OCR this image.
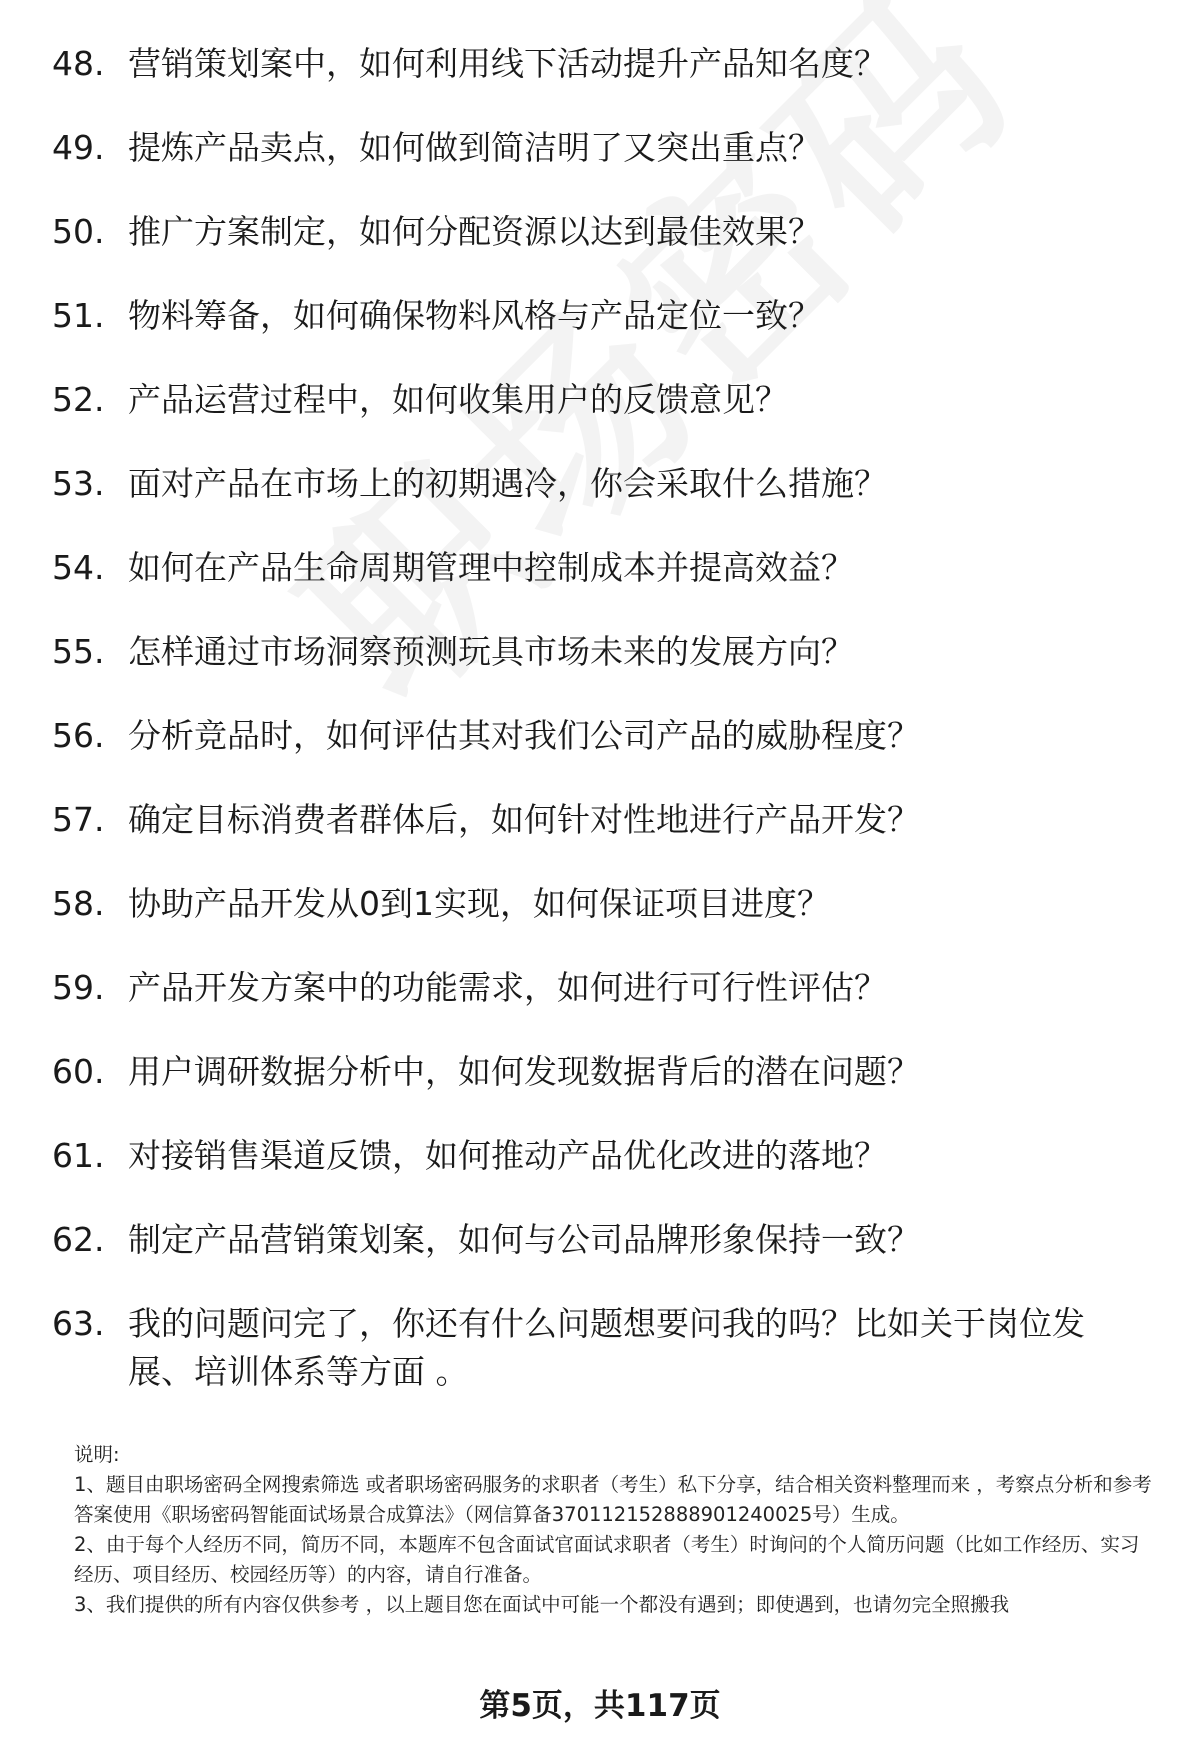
48. 营销策划案中，如何利用线下活动提升产品知名度？
49. 提炼产品卖点，如何做到简洁明了又突出重点？
50. 推广方案制定，如何分配资源以达到最佳效果？
51. 物料筹备，如何确保物料风格与产品定位一致？
52. 产品运营过程中，如何收集用户的反馈意见？
53. 面对产品在市场上的初期遇冷，你会采取什么措施？
54. 如何在产品生命周期管理中控制成本并提高效益？
55. 怎样通过市场洞察预测玩具市场未来的发展方向？
56. 分析竞品时，如何评估其对我们公司产品的威胁程度？
57. 确定目标消费者群体后，如何针对性地进行产品开发？
58. 协助产品开发从0到1实现，如何保证项目进度？
59. 产品开发方案中的功能需求，如何进行可行性评估？
60. 用户调研数据分析中，如何发现数据背后的潜在问题？
61. 对接销售渠道反馈，如何推动产品优化改进的落地？
62. 制定产品营销策划案，如何与公司品牌形象保持一致？
63. 我的问题问完了，你还有什么问题想要问我的吗？比如关于岗位发展、培训体系等方面 。

说明:

1、题目由职场密码全网搜索筛选 或者职场密码服务的求职者（考生）私下分享，结合相关资料整理而来 ，考察点分析和参考答案使用《职场密码智能面试场景合成算法》（网信算备370112152888901240025号）生成。

2、由于每个人经历不同，简历不同，本题库不包含面试官面试求职者（考生）时询问的个人简历问题（比如工作经历、实习经历、项目经历、校园经历等）的内容，请自行准备。

3、我们提供的所有内容仅供参考 ，以上题目您在面试中可能一个都没有遇到；即使遇到，也请勿完全照搬我

第5页，共117页
